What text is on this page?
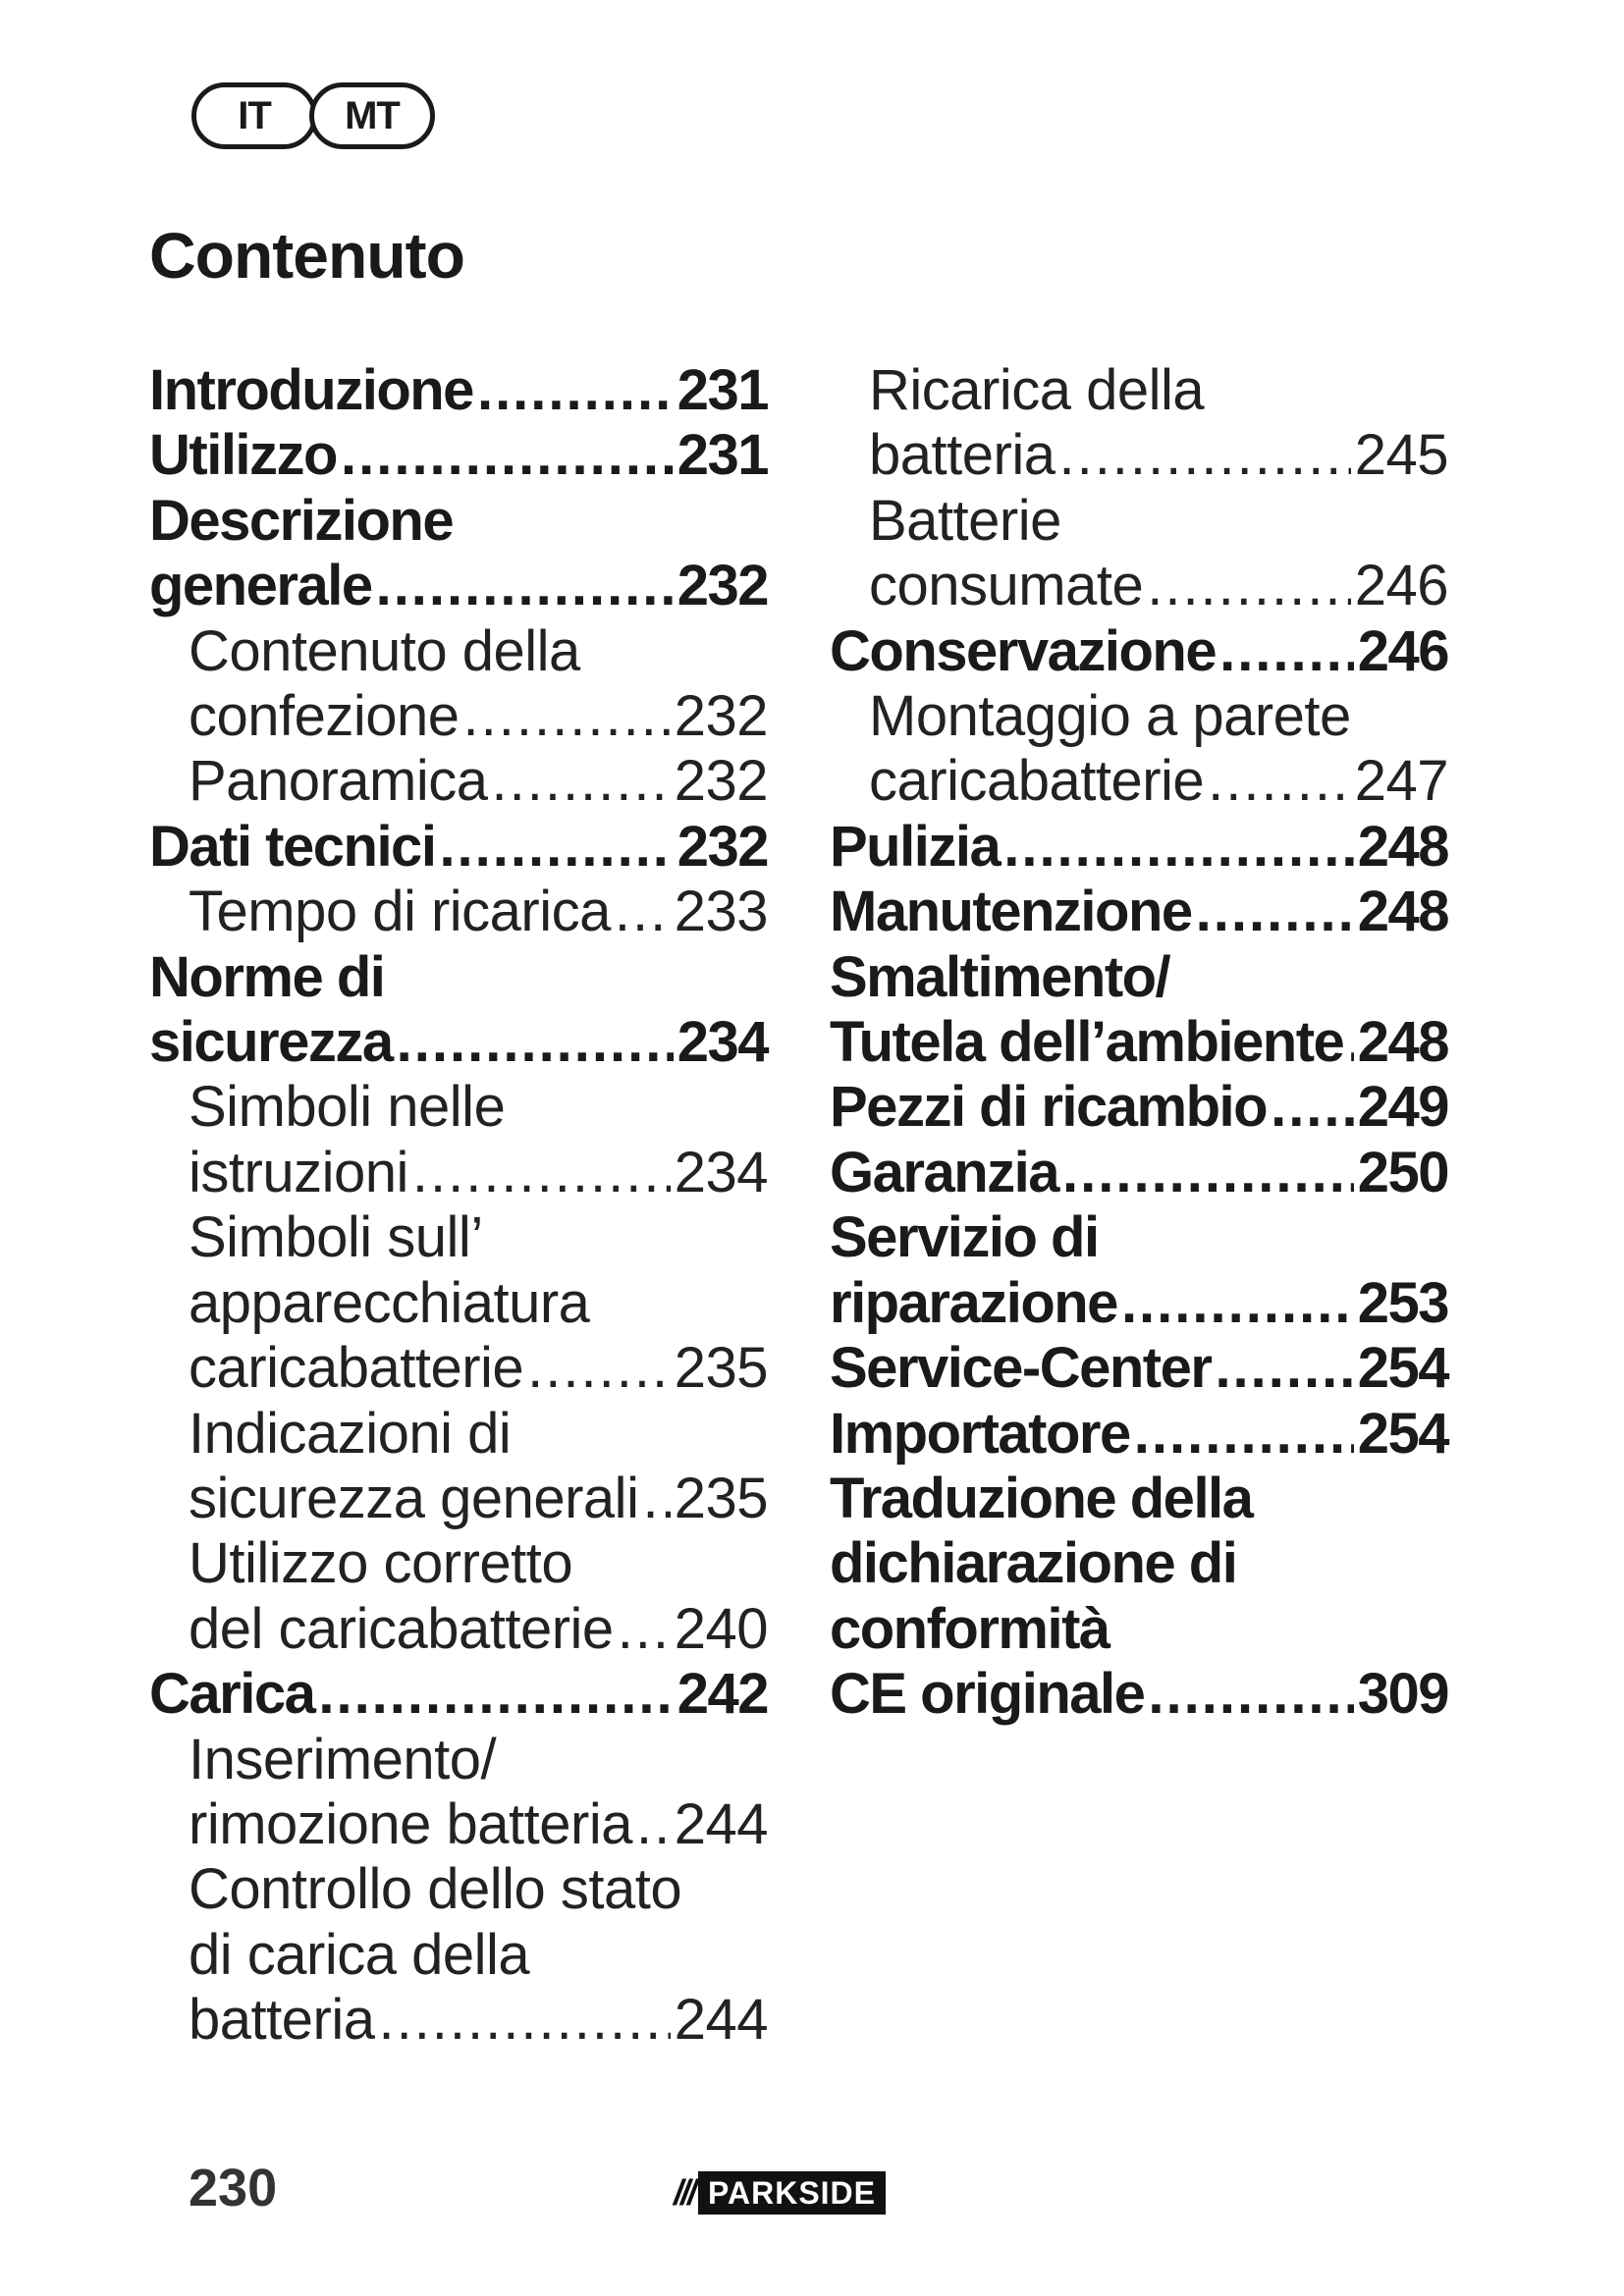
IT	MT
Contenuto
Introduzione .....	231
Utilizzo .....	231
Descrizione
generale .....	232
Contenuto della
confezione .....	232
Panoramica .....	232
Dati tecnici .....	232
Tempo di ricarica ..... 233
Norme di
sicurezza .....	234
Simboli nelle
istruzioni .....	234
Simboli sull’
apparecchiatura
caricabatterie .....	235
Indicazioni di
sicurezza generali ..... 235
Utilizzo corretto
del caricabatterie ..... 240
Carica .....	242
Inserimento/
rimozione batteria ..... 244
Controllo dello stato
di carica della
batteria .....	244
Ricarica della
batteria .....	245
Batterie
consumate .....	246
Conservazione ..... 246
Montaggio a parete
caricabatterie .....	247
Pulizia .....	248
Manutenzione .....	248
Smaltimento/
Tutela dell’ambiente ..... 248
Pezzi di ricambio ..... 249
Garanzia .....	250
Servizio di
riparazione .....	253
Service-Center .....	254
Importatore .....	254
Traduzione della
dichiarazione di
conformità
CE originale .....	309
230	/// PARKSIDE
